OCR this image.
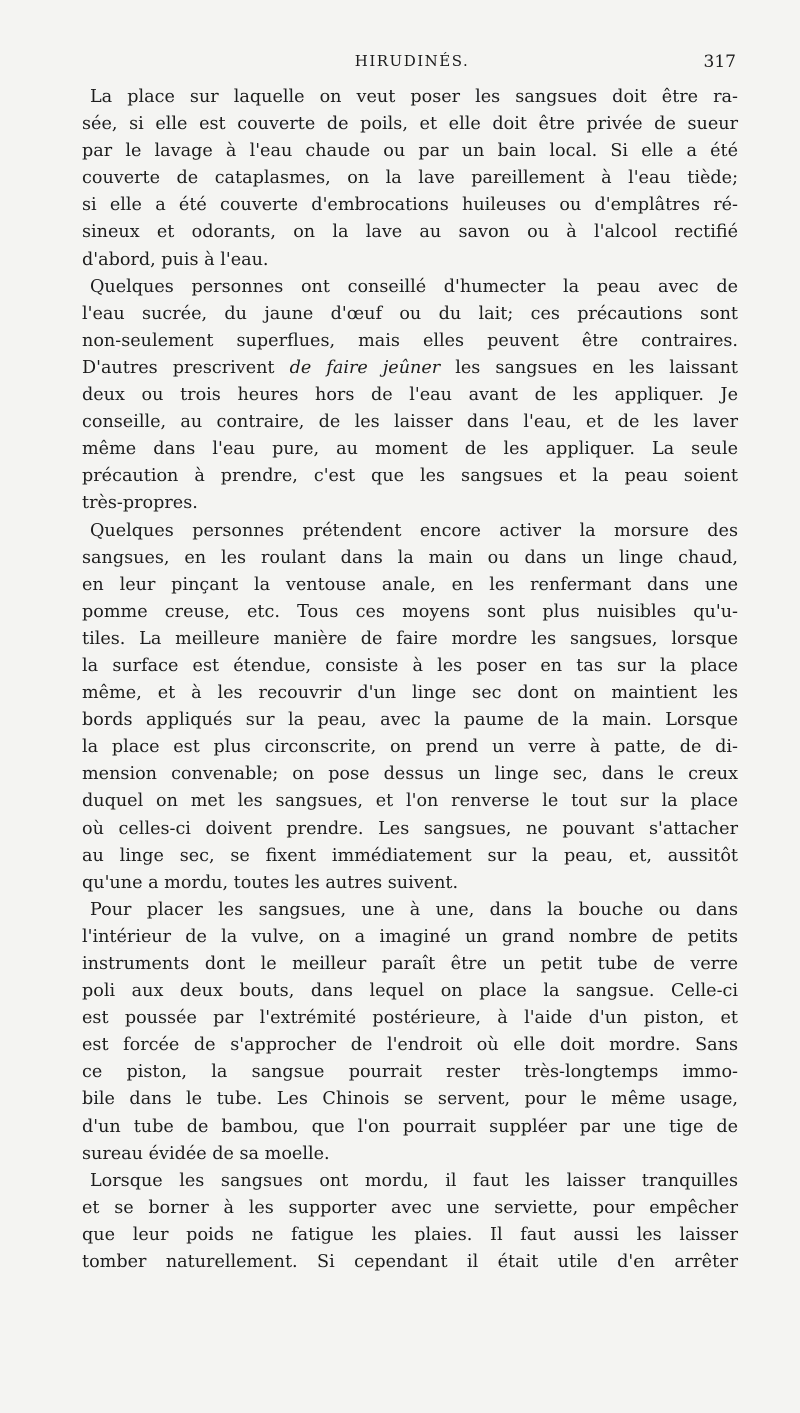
HIRUDINÉS.	317
La place sur laquelle on veut poser les sangsues doit être ra-
sée, si elle est couverte de poils, et elle doit être privée de sueur
par le lavage à l'eau chaude ou par un bain local. Si elle a été
couverte de cataplasmes, on la lave pareillement à l'eau tiède;
si elle a été couverte d'embrocations huileuses ou d'emplâtres ré-
sineux et odorants, on la lave au savon ou à l'alcool rectifié
d'abord, puis à l'eau.
Quelques personnes ont conseillé d'humecter la peau avec de
l'eau sucrée, du jaune d'œuf ou du lait; ces précautions sont
non-seulement superflues, mais elles peuvent être contraires.
D'autres prescrivent de faire jeûner les sangsues en les laissant
deux ou trois heures hors de l'eau avant de les appliquer. Je
conseille, au contraire, de les laisser dans l'eau, et de les laver
même dans l'eau pure, au moment de les appliquer. La seule
précaution à prendre, c'est que les sangsues et la peau soient
très-propres.
Quelques personnes prétendent encore activer la morsure des
sangsues, en les roulant dans la main ou dans un linge chaud,
en leur pinçant la ventouse anale, en les renfermant dans une
pomme creuse, etc. Tous ces moyens sont plus nuisibles qu'u-
tiles. La meilleure manière de faire mordre les sangsues, lorsque
la surface est étendue, consiste à les poser en tas sur la place
même, et à les recouvrir d'un linge sec dont on maintient les
bords appliqués sur la peau, avec la paume de la main. Lorsque
la place est plus circonscrite, on prend un verre à patte, de di-
mension convenable; on pose dessus un linge sec, dans le creux
duquel on met les sangsues, et l'on renverse le tout sur la place
où celles-ci doivent prendre. Les sangsues, ne pouvant s'attacher
au linge sec, se fixent immédiatement sur la peau, et, aussitôt
qu'une a mordu, toutes les autres suivent.
Pour placer les sangsues, une à une, dans la bouche ou dans
l'intérieur de la vulve, on a imaginé un grand nombre de petits
instruments dont le meilleur paraît être un petit tube de verre
poli aux deux bouts, dans lequel on place la sangsue. Celle-ci
est poussée par l'extrémité postérieure, à l'aide d'un piston, et
est forcée de s'approcher de l'endroit où elle doit mordre. Sans
ce piston, la sangsue pourrait rester très-longtemps immo-
bile dans le tube. Les Chinois se servent, pour le même usage,
d'un tube de bambou, que l'on pourrait suppléer par une tige de
sureau évidée de sa moelle.
Lorsque les sangsues ont mordu, il faut les laisser tranquilles
et se borner à les supporter avec une serviette, pour empêcher
que leur poids ne fatigue les plaies. Il faut aussi les laisser
tomber naturellement. Si cependant il était utile d'en arrêter
